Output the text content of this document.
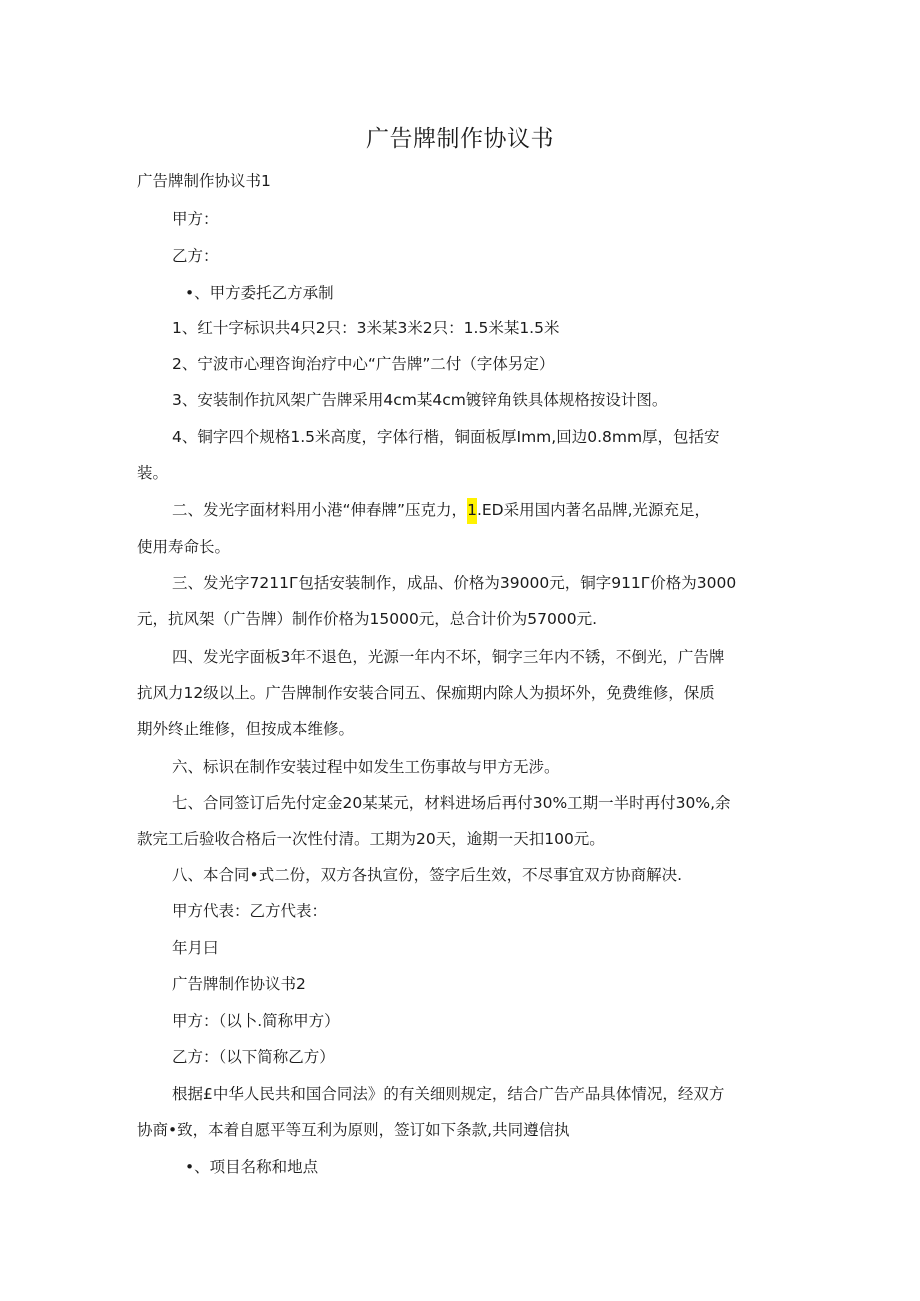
广告牌制作协议书
广告牌制作协议书1
甲方：
乙方：
•、甲方委托乙方承制
1、红十字标识共4只2只：3米某3米2只：1.5米某1.5米
2、宁波市心理咨询治疗中心“广告牌”二付（字体另定）
3、安装制作抗风架广告牌采用4cm某4cm镀锌角铁具体规格按设计图。
4、铜字四个规格1.5米高度，字体行楷，铜面板厚Imm,回边0.8mm厚，包括安
装。
二、发光字面材料用小港“伸春牌”压克力，1.ED采用国内著名品牌,光源充足，
使用寿命长。
三、发光字7211Г包括安装制作，成品、价格为39000元，铜字911Г价格为3000
元，抗风架（广告牌）制作价格为15000元，总合计价为57000元.
四、发光字面板3年不退色，光源一年内不坏，铜字三年内不锈，不倒光，广告牌
抗风力12级以上。广告牌制作安装合同五、保痂期内除人为损坏外，免费维修，保质
期外终止维修，但按成本维修。
六、标识在制作安装过程中如发生工伤事故与甲方无涉。
七、合同签订后先付定金20某某元，材料进场后再付30%工期一半时再付30%,余
款完工后验收合格后一次性付清。工期为20天，逾期一天扣100元。
八、本合同•式二份，双方各执宣份，签字后生效，不尽事宜双方协商解决.
甲方代表：乙方代表：
年月曰
广告牌制作协议书2
甲方：（以卜.简称甲方）
乙方：（以下简称乙方）
根据£中华人民共和国合同法》的有关细则规定，结合广告产品具体情况，经双方
协商•致，本着自愿平等互利为原则，签订如下条款,共同遵信执
•、项目名称和地点
